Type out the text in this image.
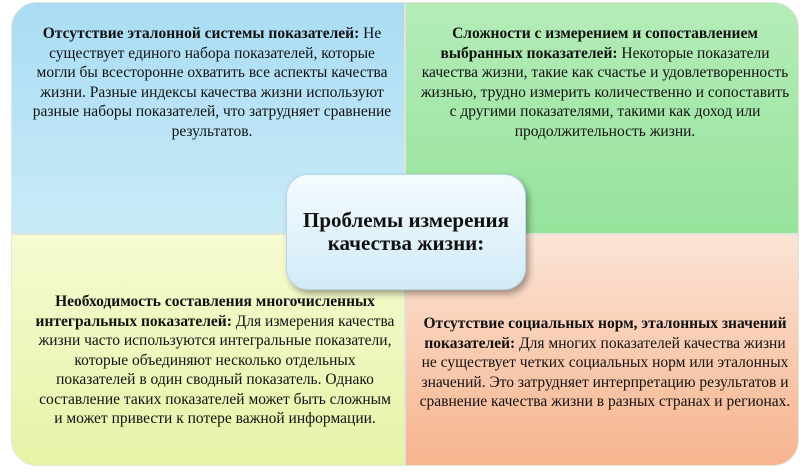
Отсутствие эталонной системы показателей: Не существует единого набора показателей, которые могли бы всесторонне охватить все аспекты качества жизни. Разные индексы качества жизни используют разные наборы показателей, что затрудняет сравнение результатов.
Сложности с измерением и сопоставлением выбранных показателей: Некоторые показатели качества жизни, такие как счастье и удовлетворенность жизнью, трудно измерить количественно и сопоставить с другими показателями, такими как доход или продолжительность жизни.
Необходимость составления многочисленных интегральных показателей: Для измерения качества жизни часто используются интегральные показатели, которые объединяют несколько отдельных показателей в один сводный показатель. Однако составление таких показателей может быть сложным и может привести к потере важной информации.
Отсутствие социальных норм, эталонных значений показателей: Для многих показателей качества жизни не существует четких социальных норм или эталонных значений. Это затрудняет интерпретацию результатов и сравнение качества жизни в разных странах и регионах.
Проблемы измерения качества жизни:
